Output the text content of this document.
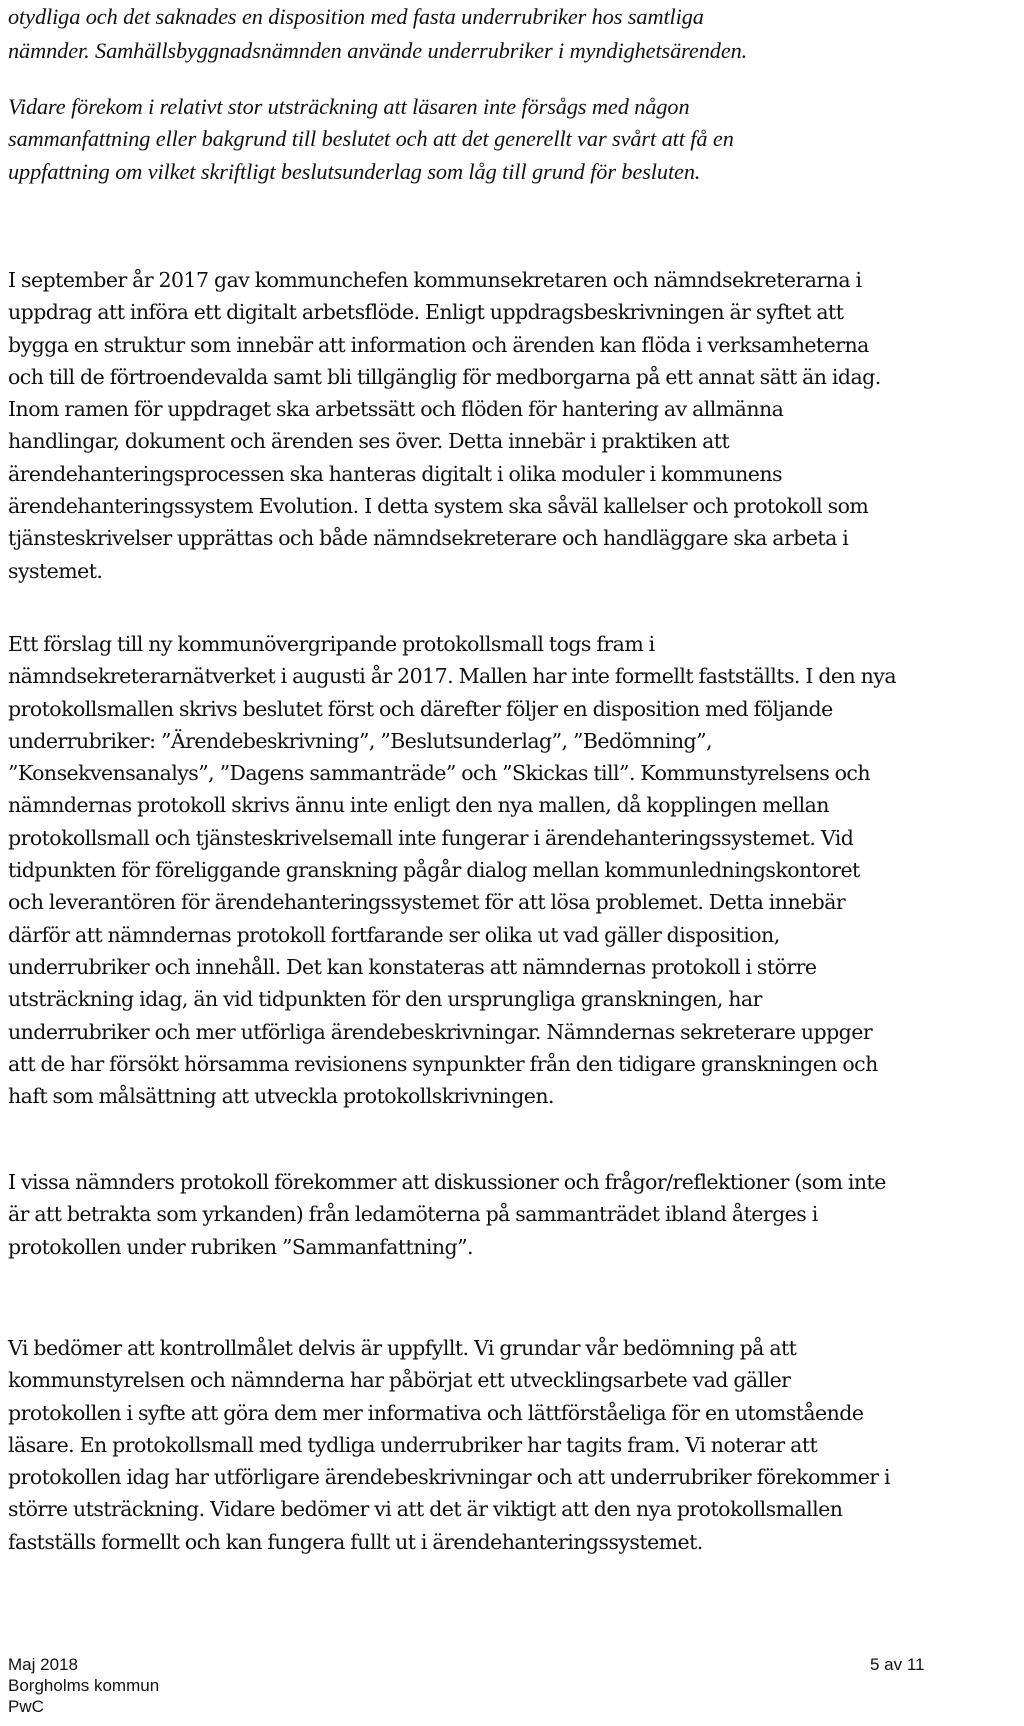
otydliga och det saknades en disposition med fasta underrubriker hos samtliga
nämnder. Samhällsbyggnadsnämnden använde underrubriker i myndighetsärenden.

Vidare förekom i relativt stor utsträckning att läsaren inte försågs med någon
sammanfattning eller bakgrund till beslutet och att det generellt var svårt att få en
uppfattning om vilket skriftligt beslutsunderlag som låg till grund för besluten.

I september år 2017 gav kommunchefen kommunsekretaren och nämndsekreterarna i
uppdrag att införa ett digitalt arbetsflöde. Enligt uppdragsbeskrivningen är syftet att
bygga en struktur som innebär att information och ärenden kan flöda i verksamheterna
och till de förtroendevalda samt bli tillgänglig för medborgarna på ett annat sätt än idag.
Inom ramen för uppdraget ska arbetssätt och flöden för hantering av allmänna
handlingar, dokument och ärenden ses över. Detta innebär i praktiken att
ärendehanteringsprocessen ska hanteras digitalt i olika moduler i kommunens
ärendehanteringssystem Evolution. I detta system ska såväl kallelser och protokoll som
tjänsteskrivelser upprättas och både nämndsekreterare och handläggare ska arbeta i
systemet.

Ett förslag till ny kommunövergripande protokollsmall togs fram i
nämndsekreterarnätverket i augusti år 2017. Mallen har inte formellt fastställts. I den nya
protokollsmallen skrivs beslutet först och därefter följer en disposition med följande
underrubriker: ”Ärendebeskrivning”, ”Beslutsunderlag”, ”Bedömning”,
”Konsekvensanalys”, ”Dagens sammanträde” och ”Skickas till”. Kommunstyrelsens och
nämndernas protokoll skrivs ännu inte enligt den nya mallen, då kopplingen mellan
protokollsmall och tjänsteskrivelsemall inte fungerar i ärendehanteringssystemet. Vid
tidpunkten för föreliggande granskning pågår dialog mellan kommunledningskontoret
och leverantören för ärendehanteringssystemet för att lösa problemet. Detta innebär
därför att nämndernas protokoll fortfarande ser olika ut vad gäller disposition,
underrubriker och innehåll. Det kan konstateras att nämndernas protokoll i större
utsträckning idag, än vid tidpunkten för den ursprungliga granskningen, har
underrubriker och mer utförliga ärendebeskrivningar. Nämndernas sekreterare uppger
att de har försökt hörsamma revisionens synpunkter från den tidigare granskningen och
haft som målsättning att utveckla protokollskrivningen.

I vissa nämnders protokoll förekommer att diskussioner och frågor/reflektioner (som inte
är att betrakta som yrkanden) från ledamöterna på sammanträdet ibland återges i
protokollen under rubriken ”Sammanfattning”.

Vi bedömer att kontrollmålet delvis är uppfyllt. Vi grundar vår bedömning på att
kommunstyrelsen och nämnderna har påbörjat ett utvecklingsarbete vad gäller
protokollen i syfte att göra dem mer informativa och lättförståeliga för en utomstående
läsare. En protokollsmall med tydliga underrubriker har tagits fram. Vi noterar att
protokollen idag har utförligare ärendebeskrivningar och att underrubriker förekommer i
större utsträckning. Vidare bedömer vi att det är viktigt att den nya protokollsmallen
fastställs formellt och kan fungera fullt ut i ärendehanteringssystemet.

Maj 2018
Borgholms kommun
PwC
5 av 11
